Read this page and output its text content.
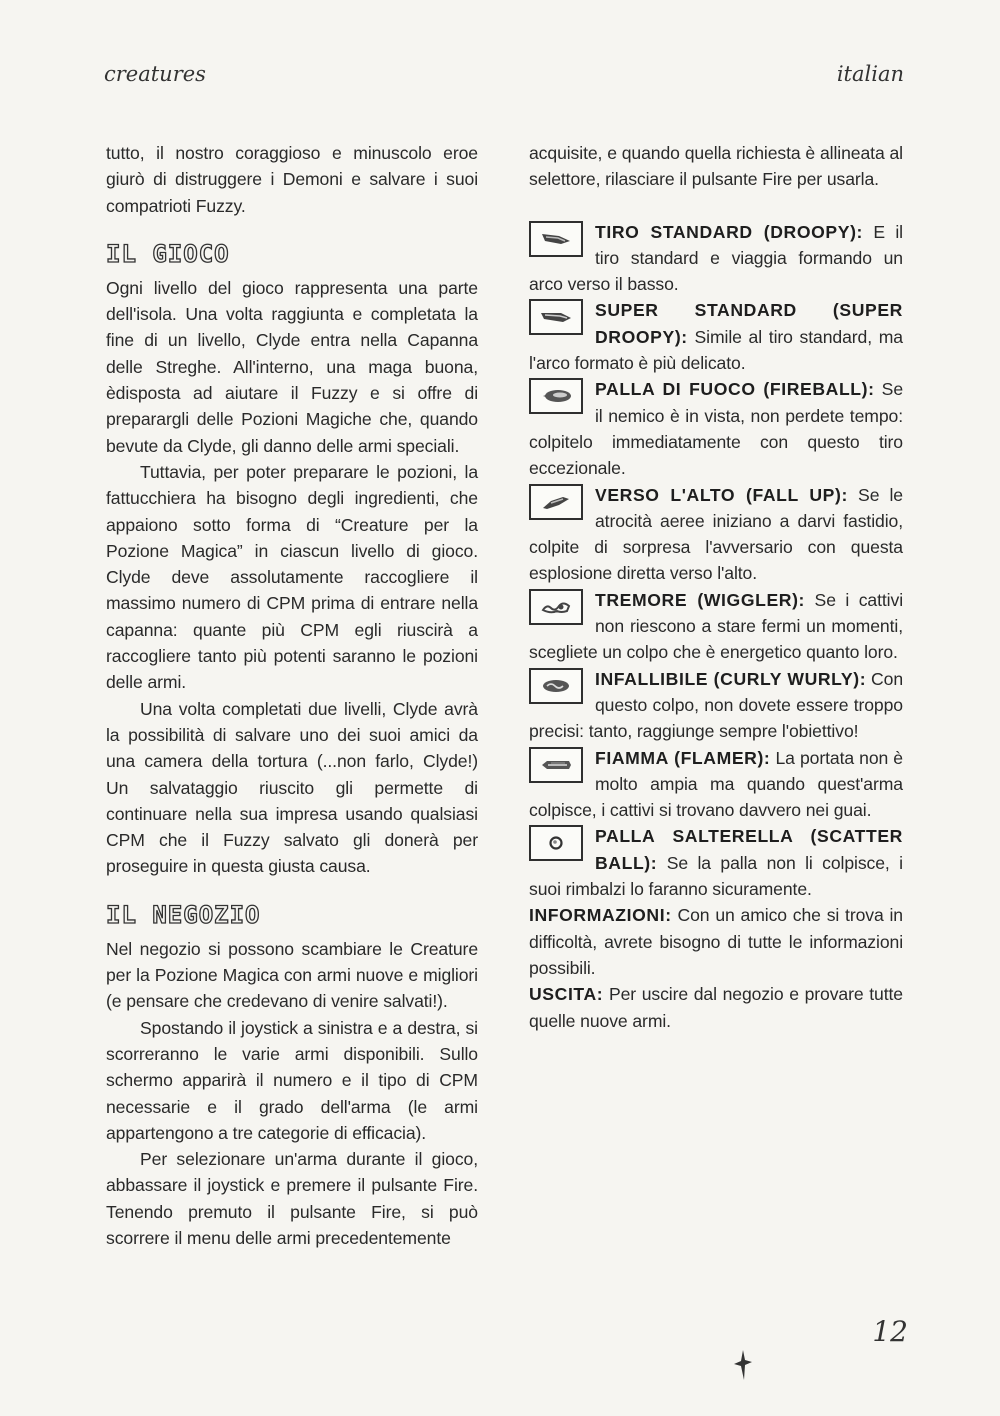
creatures	italian

tutto, il nostro coraggioso e minuscolo eroe giurò di distruggere i Demoni e salvare i suoi compatrioti Fuzzy.

IL GIOCO

Ogni livello del gioco rappresenta una parte dell'isola. Una volta raggiunta e completata la fine di un livello, Clyde entra nella Capanna delle Streghe. All'interno, una maga buona, èdisposta ad aiutare il Fuzzy e si offre di preparargli delle Pozioni Magiche che, quando bevute da Clyde, gli danno delle armi speciali.

Tuttavia, per poter preparare le pozioni, la fattucchiera ha bisogno degli ingredienti, che appaiono sotto forma di “Creature per la Pozione Magica” in ciascun livello di gioco. Clyde deve assolutamente raccogliere il massimo numero di CPM prima di entrare nella capanna: quante più CPM egli riuscirà a raccogliere tanto più potenti saranno le pozioni delle armi.

Una volta completati due livelli, Clyde avrà la possibilità di salvare uno dei suoi amici da una camera della tortura (...non farlo, Clyde!) Un salvataggio riuscito gli permette di continuare nella sua impresa usando qualsiasi CPM che il Fuzzy salvato gli donerà per proseguire in questa giusta causa.

IL NEGOZIO

Nel negozio si possono scambiare le Creature per la Pozione Magica con armi nuove e migliori (e pensare che credevano di venire salvati!).

Spostando il joystick a sinistra e a destra, si scorreranno le varie armi disponibili. Sullo schermo apparirà il numero e il tipo di CPM necessarie e il grado dell'arma (le armi appartengono a tre categorie di efficacia).

Per selezionare un'arma durante il gioco, abbassare il joystick e premere il pulsante Fire. Tenendo premuto il pulsante Fire, si può scorrere il menu delle armi precedentemente

acquisite, e quando quella richiesta è allineata al selettore, rilasciare il pulsante Fire per usarla.

TIRO STANDARD (DROOPY): E il tiro standard e viaggia formando un arco verso il basso.

SUPER STANDARD (SUPER DROOPY): Simile al tiro standard, ma l'arco formato è più delicato.

PALLA DI FUOCO (FIREBALL): Se il nemico è in vista, non perdete tempo: colpitelo immediatamente con questo tiro eccezionale.

VERSO L'ALTO (FALL UP): Se le atrocità aeree iniziano a darvi fastidio, colpite di sorpresa l'avversario con questa esplosione diretta verso l'alto.

TREMORE (WIGGLER): Se i cattivi non riescono a stare fermi un momenti, scegliete un colpo che è energetico quanto loro.

INFALLIBILE (CURLY WURLY): Con questo colpo, non dovete essere troppo precisi: tanto, raggiunge sempre l'obiettivo!

FIAMMA (FLAMER): La portata non è molto ampia ma quando quest'arma colpisce, i cattivi si trovano davvero nei guai.

PALLA SALTERELLA (SCATTER BALL): Se la palla non li colpisce, i suoi rimbalzi lo faranno sicuramente.

INFORMAZIONI: Con un amico che si trova in difficoltà, avrete bisogno di tutte le informazioni possibili.

USCITA: Per uscire dal negozio e provare tutte quelle nuove armi.

12
